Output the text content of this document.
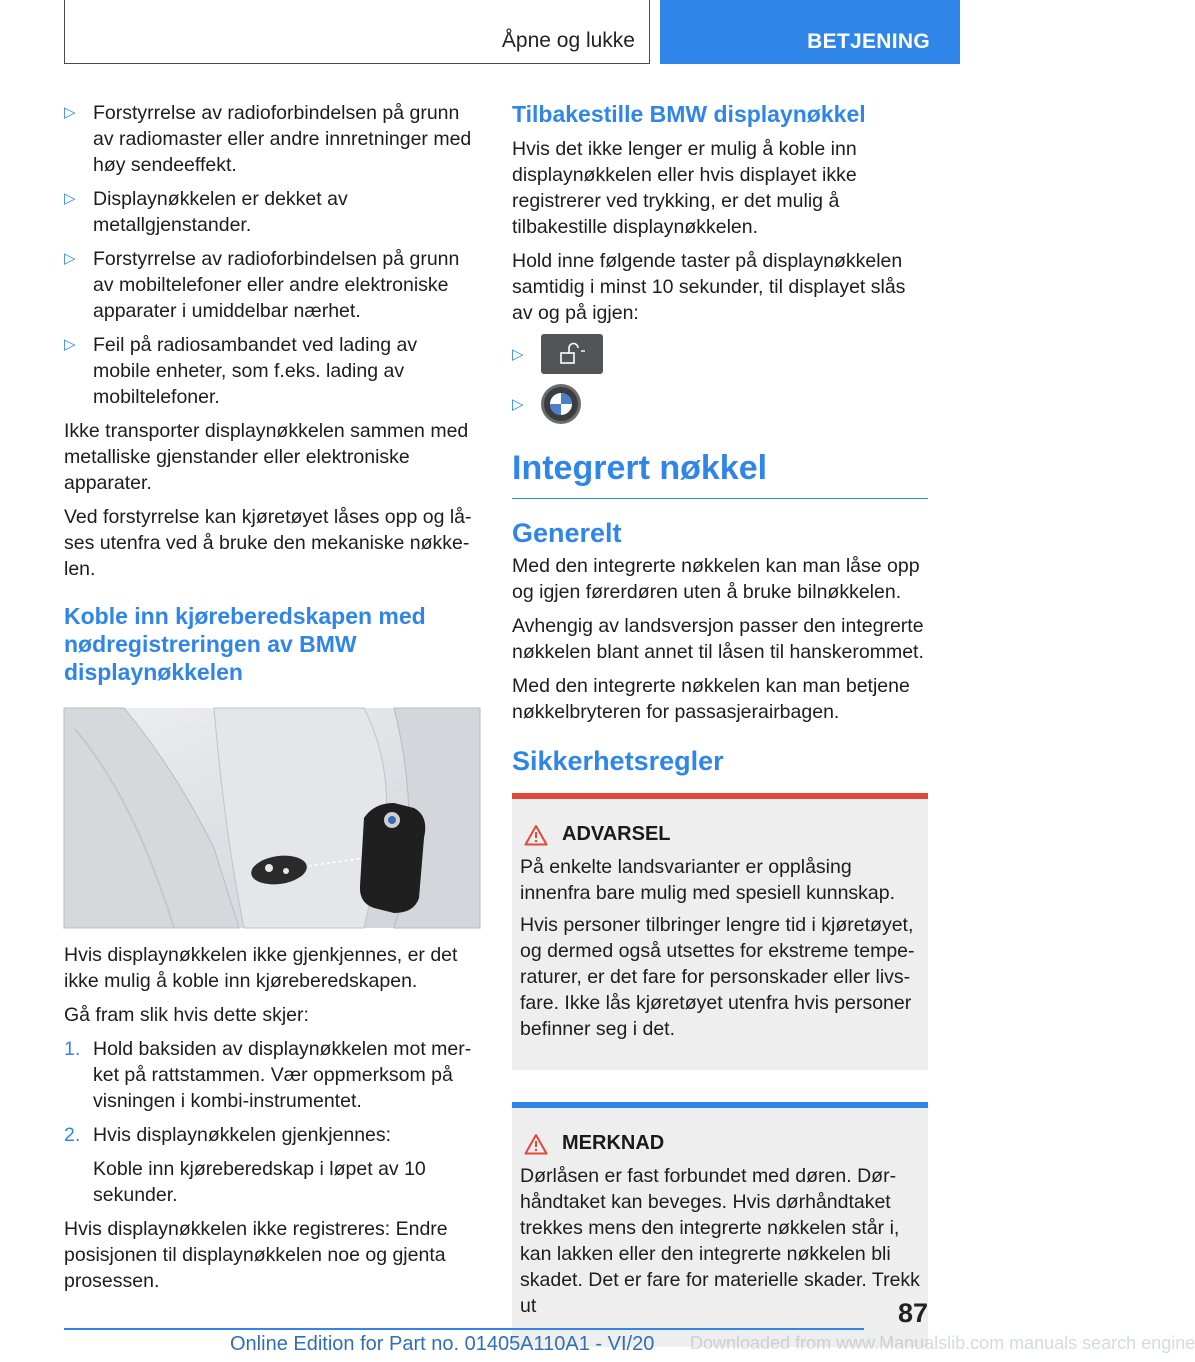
Åpne og lukke	BETJENING
▷ Forstyrrelse av radioforbindelsen på grunn av radiomaster eller andre innretninger med høy sendeeffekt.
▷ Displaynøkkelen er dekket av metallgjenstander.
▷ Forstyrrelse av radioforbindelsen på grunn av mobiltelefoner eller andre elektroniske apparater i umiddelbar nærhet.
▷ Feil på radiosambandet ved lading av mobile enheter, som f.eks. lading av mobiltelefoner.

Ikke transporter displaynøkkelen sammen med metalliske gjenstander eller elektroniske apparater.

Ved forstyrrelse kan kjøretøyet låses opp og låses utenfra ved å bruke den mekaniske nøkkelen.

Koble inn kjøreberedskapen med nødregistreringen av BMW displaynøkkelen

Hvis displaynøkkelen ikke gjenkjennes, er det ikke mulig å koble inn kjøreberedskapen.

Gå fram slik hvis dette skjer:

1. Hold baksiden av displaynøkkelen mot merket på rattstammen. Vær oppmerksom på visningen i kombi-instrumentet.
2. Hvis displaynøkkelen gjenkjennes:

Koble inn kjøreberedskap i løpet av 10 sekunder.

Hvis displaynøkkelen ikke registreres: Endre posisjonen til displaynøkkelen noe og gjenta prosessen.

Tilbakestille BMW displaynøkkel

Hvis det ikke lenger er mulig å koble inn displaynøkkelen eller hvis displayet ikke registrerer ved trykking, er det mulig å tilbakestille displaynøkkelen.

Hold inne følgende taster på displaynøkkelen samtidig i minst 10 sekunder, til displayet slås av og på igjen:

▷
▷
Integrert nøkkel
Generelt

Med den integrerte nøkkelen kan man låse opp og igjen førerdøren uten å bruke bilnøkkelen.

Avhengig av landsversjon passer den integrerte nøkkelen blant annet til låsen til hanskerommet.

Med den integrerte nøkkelen kan man betjene nøkkelbryteren for passasjerairbagen.

Sikkerhetsregler
ADVARSEL

På enkelte landsvarianter er opplåsing innenfra bare mulig med spesiell kunnskap.

Hvis personer tilbringer lengre tid i kjøretøyet, og dermed også utsettes for ekstreme temperaturer, er det fare for personskader eller livsfare. Ikke lås kjøretøyet utenfra hvis personer befinner seg i det.

MERKNAD

Dørlåsen er fast forbundet med døren. Dørhåndtaket kan beveges. Hvis dørhåndtaket trekkes mens den integrerte nøkkelen står i, kan lakken eller den integrerte nøkkelen bli skadet. Det er fare for materielle skader. Trekk ut	87
Online Edition for Part no. 01405A110A1 - VI/20 Downloaded from www.Manualslib.com manuals search engine
